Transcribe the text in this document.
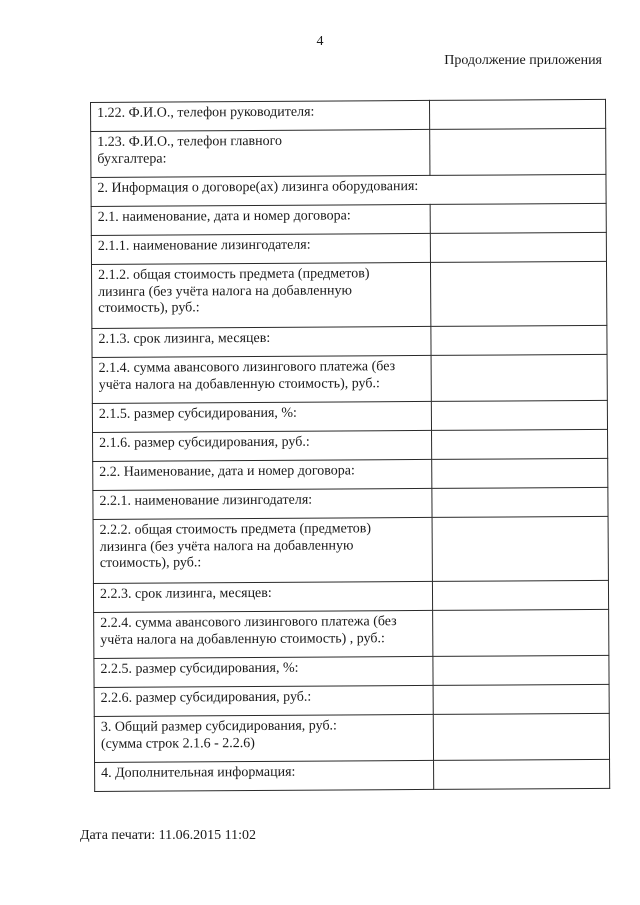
4
Продолжение приложения
1.22. Ф.И.О., телефон руководителя:	
1.23. Ф.И.О., телефон главного
бухгалтера:	
2. Информация о договоре(ах) лизинга оборудования:	
2.1. наименование, дата и номер договора:	
2.1.1. наименование лизингодателя:	
2.1.2. общая стоимость предмета (предметов)
лизинга (без учёта налога на добавленную
стоимость), руб.:	
2.1.3. срок лизинга, месяцев:	
2.1.4. сумма авансового лизингового платежа (без
учёта налога на добавленную стоимость), руб.:	
2.1.5. размер субсидирования, %:	
2.1.6. размер субсидирования, руб.:	
2.2. Наименование, дата и номер договора:	
2.2.1. наименование лизингодателя:	
2.2.2. общая стоимость предмета (предметов)
лизинга (без учёта налога на добавленную
стоимость), руб.:	
2.2.3. срок лизинга, месяцев:	
2.2.4. сумма авансового лизингового платежа (без
учёта налога на добавленную стоимость) , руб.:	
2.2.5. размер субсидирования, %:	
2.2.6. размер субсидирования, руб.:	
3. Общий размер субсидирования, руб.:
(сумма строк 2.1.6 - 2.2.6)	
4. Дополнительная информация:	
Дата печати: 11.06.2015 11:02
